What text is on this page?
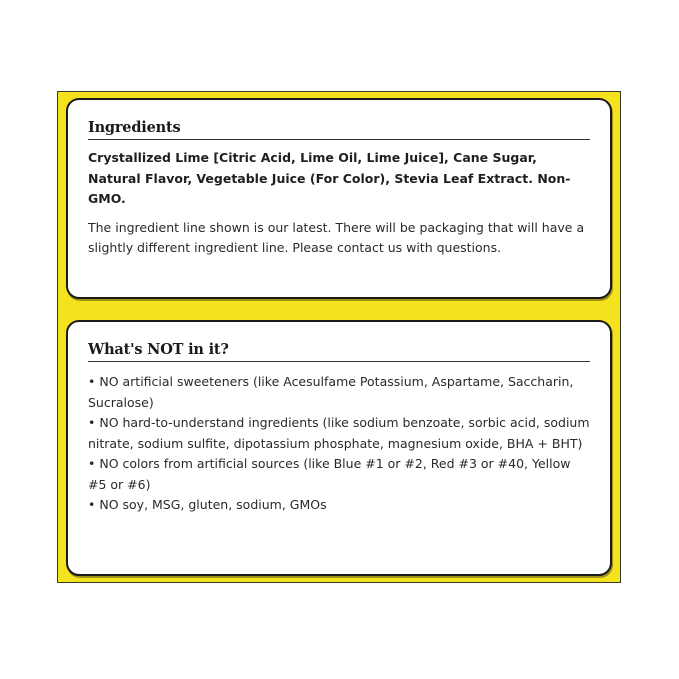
Ingredients

Crystallized Lime [Citric Acid, Lime Oil, Lime Juice], Cane Sugar, Natural Flavor, Vegetable Juice (For Color), Stevia Leaf Extract. Non-GMO.

The ingredient line shown is our latest. There will be packaging that will have a slightly different ingredient line. Please contact us with questions.

What's NOT in it?
• NO artificial sweeteners (like Acesulfame Potassium, Aspartame, Saccharin, Sucralose)
• NO hard-to-understand ingredients (like sodium benzoate, sorbic acid, sodium nitrate, sodium sulfite, dipotassium phosphate, magnesium oxide, BHA + BHT)
• NO colors from artificial sources (like Blue #1 or #2, Red #3 or #40, Yellow #5 or #6)
• NO soy, MSG, gluten, sodium, GMOs
